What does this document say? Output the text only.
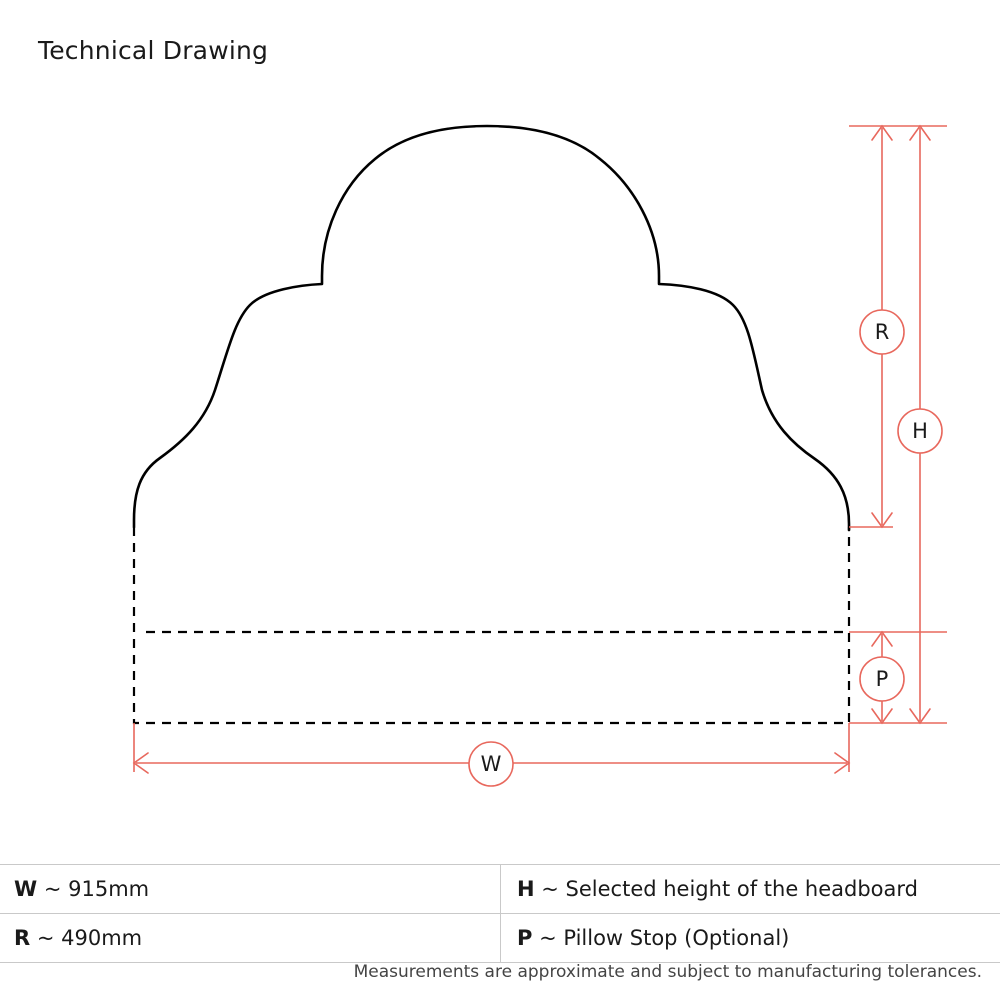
Technical Drawing
R
H
P
W
W ~ 915mm	H ~ Selected height of the headboard
R ~ 490mm	P ~ Pillow Stop (Optional)
Measurements are approximate and subject to manufacturing tolerances.
